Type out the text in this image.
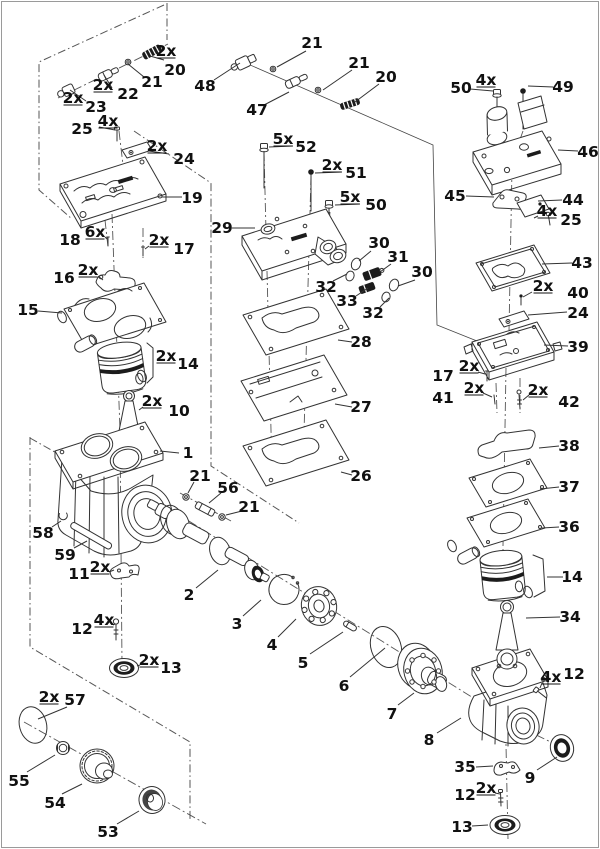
20
2x
21
22
2x
23
2x
25 4x
24
2x
19
48
47
21
21
20
52
5x
51
2x
50
5x
29
30
31
30
32
33
32
28
27
26
50 4x	49
46
45	44
25
4x
43
40
2x
24
39
17
2x
41
2x
42
2x
38
37
36
14
34
12
4x
8
35
9
12 2x
13
18 6x
17
2x
16 2x
15
14
2x
10
2x
1
21
56
21
58
59
11 2x
12 4x
13
2x
2
3
4
5
6
7
57
2x
55
54
53
